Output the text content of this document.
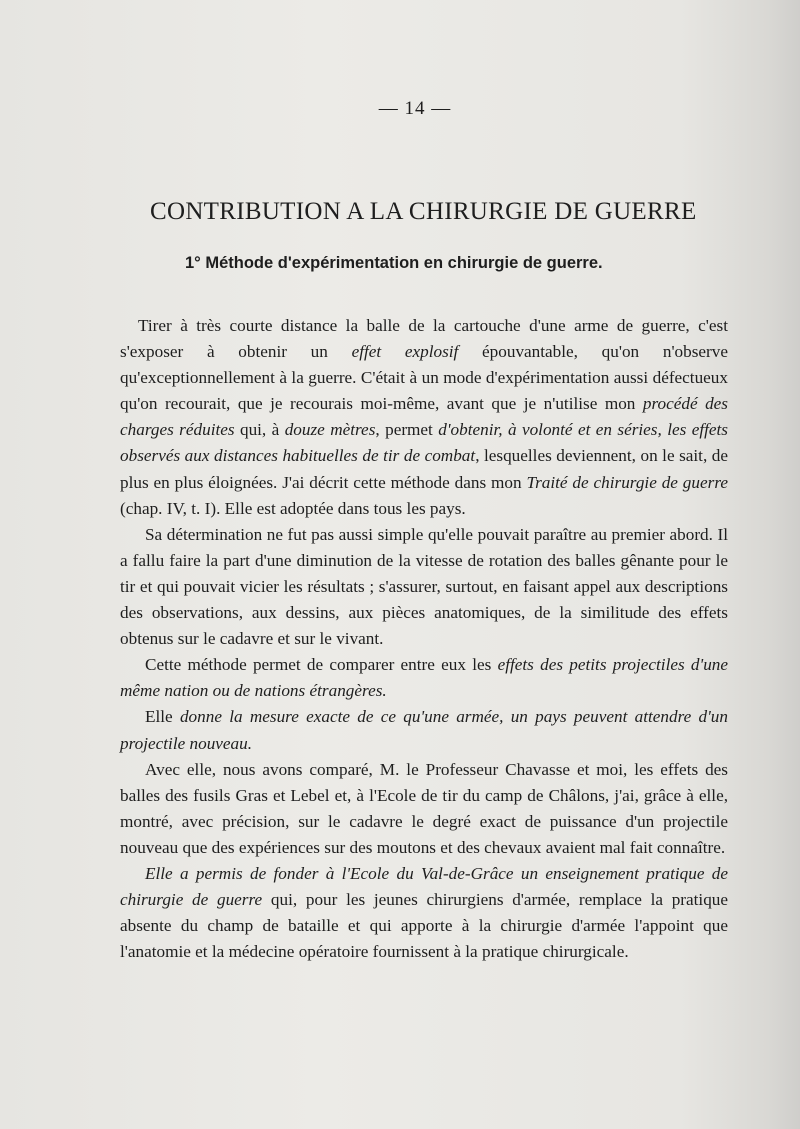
— 14 —
CONTRIBUTION A LA CHIRURGIE DE GUERRE
1° Méthode d'expérimentation en chirurgie de guerre.

Tirer à très courte distance la balle de la cartouche d'une arme de guerre, c'est s'exposer à obtenir un effet explosif épouvantable, qu'on n'observe qu'exceptionnellement à la guerre. C'était à un mode d'expérimentation aussi défectueux qu'on recourait, que je recourais moi-même, avant que je n'utilise mon procédé des charges réduites qui, à douze mètres, permet d'obtenir, à volonté et en séries, les effets observés aux distances habituelles de tir de combat, lesquelles deviennent, on le sait, de plus en plus éloignées. J'ai décrit cette méthode dans mon Traité de chirurgie de guerre (chap. IV, t. I). Elle est adoptée dans tous les pays.

Sa détermination ne fut pas aussi simple qu'elle pouvait paraître au premier abord. Il a fallu faire la part d'une diminution de la vitesse de rotation des balles gênante pour le tir et qui pouvait vicier les résultats ; s'assurer, surtout, en faisant appel aux descriptions des observations, aux dessins, aux pièces anatomiques, de la similitude des effets obtenus sur le cadavre et sur le vivant.

Cette méthode permet de comparer entre eux les effets des petits projectiles d'une même nation ou de nations étrangères.

Elle donne la mesure exacte de ce qu'une armée, un pays peuvent attendre d'un projectile nouveau.

Avec elle, nous avons comparé, M. le Professeur Chavasse et moi, les effets des balles des fusils Gras et Lebel et, à l'Ecole de tir du camp de Châlons, j'ai, grâce à elle, montré, avec précision, sur le cadavre le degré exact de puissance d'un projectile nouveau que des expériences sur des moutons et des chevaux avaient mal fait connaître.

Elle a permis de fonder à l'Ecole du Val-de-Grâce un enseignement pratique de chirurgie de guerre qui, pour les jeunes chirurgiens d'armée, remplace la pratique absente du champ de bataille et qui apporte à la chirurgie d'armée l'appoint que l'anatomie et la médecine opératoire fournissent à la pratique chirurgicale.
